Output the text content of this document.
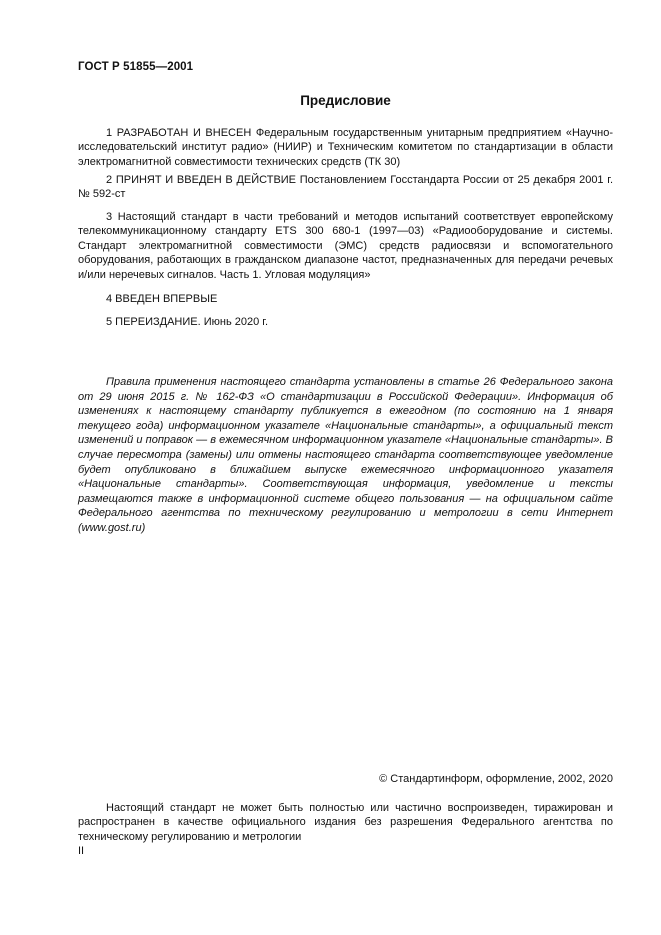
ГОСТ Р 51855—2001
Предисловие

1 РАЗРАБОТАН И ВНЕСЕН Федеральным государственным унитарным предприятием «Научно-исследовательский институт радио» (НИИР) и Техническим комитетом по стандартизации в области электромагнитной совместимости технических средств (ТК 30)

2 ПРИНЯТ И ВВЕДЕН В ДЕЙСТВИЕ Постановлением Госстандарта России от 25 декабря 2001 г. № 592-ст

3 Настоящий стандарт в части требований и методов испытаний соответствует европейскому телекоммуникационному стандарту ETS 300 680-1 (1997—03) «Радиооборудование и системы. Стандарт электромагнитной совместимости (ЭМС) средств радиосвязи и вспомогательного оборудования, работающих в гражданском диапазоне частот, предназначенных для передачи речевых и/или неречевых сигналов. Часть 1. Угловая модуляция»

4 ВВЕДЕН ВПЕРВЫЕ

5 ПЕРЕИЗДАНИЕ. Июнь 2020 г.

Правила применения настоящего стандарта установлены в статье 26 Федерального закона от 29 июня 2015 г. № 162-ФЗ «О стандартизации в Российской Федерации». Информация об изменениях к настоящему стандарту публикуется в ежегодном (по состоянию на 1 января текущего года) информационном указателе «Национальные стандарты», а официальный текст изменений и поправок — в ежемесячном информационном указателе «Национальные стандарты». В случае пересмотра (замены) или отмены настоящего стандарта соответствующее уведомление будет опубликовано в ближайшем выпуске ежемесячного информационного указателя «Национальные стандарты». Соответствующая информация, уведомление и тексты размещаются также в информационной системе общего пользования — на официальном сайте Федерального агентства по техническому регулированию и метрологии в сети Интернет (www.gost.ru)

© Стандартинформ, оформление, 2002, 2020

Настоящий стандарт не может быть полностью или частично воспроизведен, тиражирован и распространен в качестве официального издания без разрешения Федерального агентства по техническому регулированию и метрологии

II
